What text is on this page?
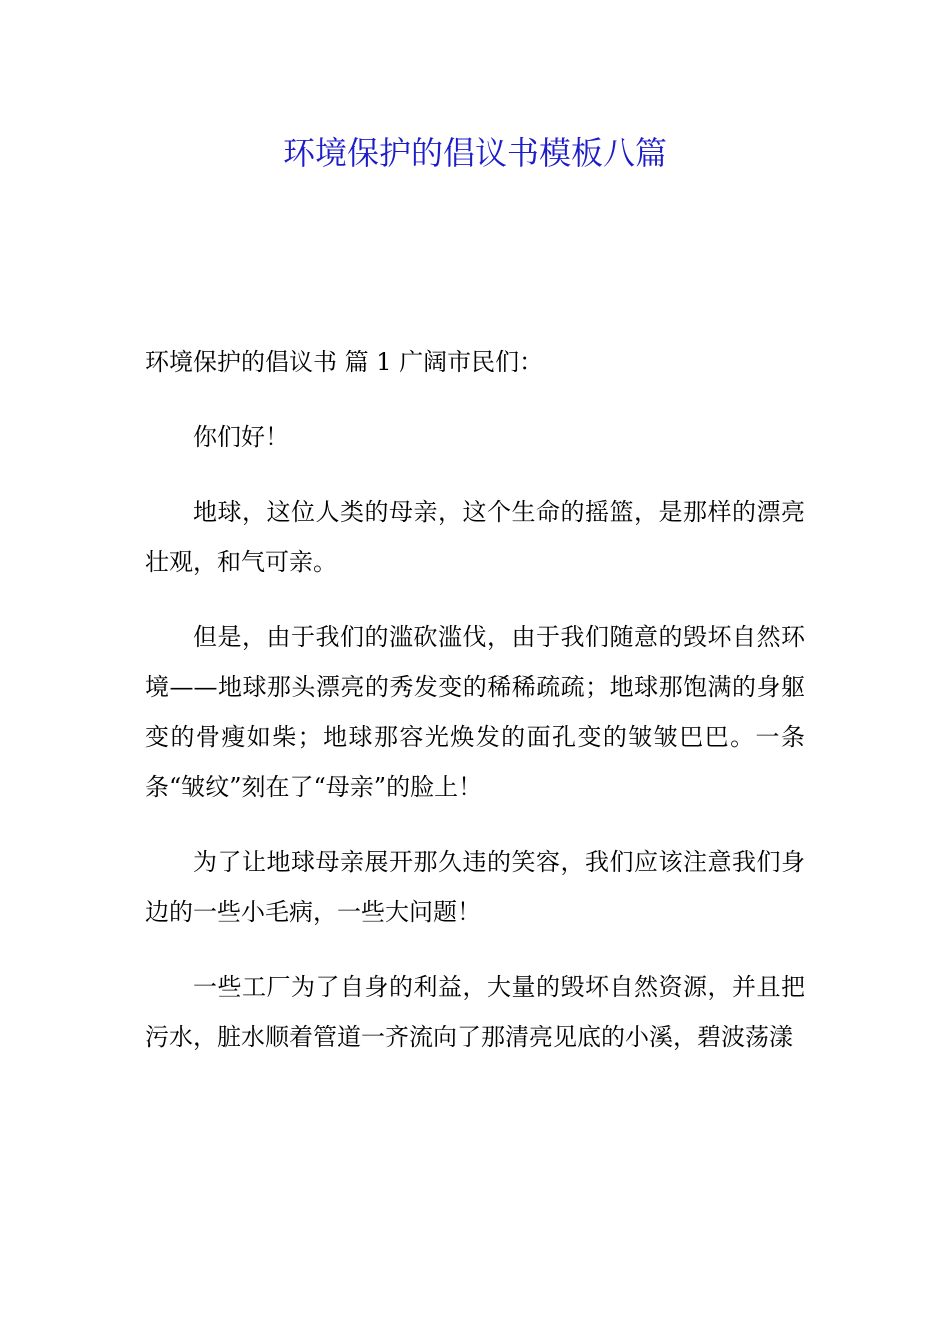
环境保护的倡议书模板八篇

环境保护的倡议书 篇 1 广阔市民们：

你们好！

地球，这位人类的母亲，这个生命的摇篮，是那样的漂亮壮观，和气可亲。

但是，由于我们的滥砍滥伐，由于我们随意的毁坏自然环境——地球那头漂亮的秀发变的稀稀疏疏；地球那饱满的身躯变的骨瘦如柴；地球那容光焕发的面孔变的皱皱巴巴。一条条“皱纹”刻在了“母亲”的脸上！

为了让地球母亲展开那久违的笑容，我们应该注意我们身边的一些小毛病，一些大问题！

一些工厂为了自身的利益，大量的毁坏自然资源，并且把污水，脏水顺着管道一齐流向了那清亮见底的小溪，碧波荡漾
